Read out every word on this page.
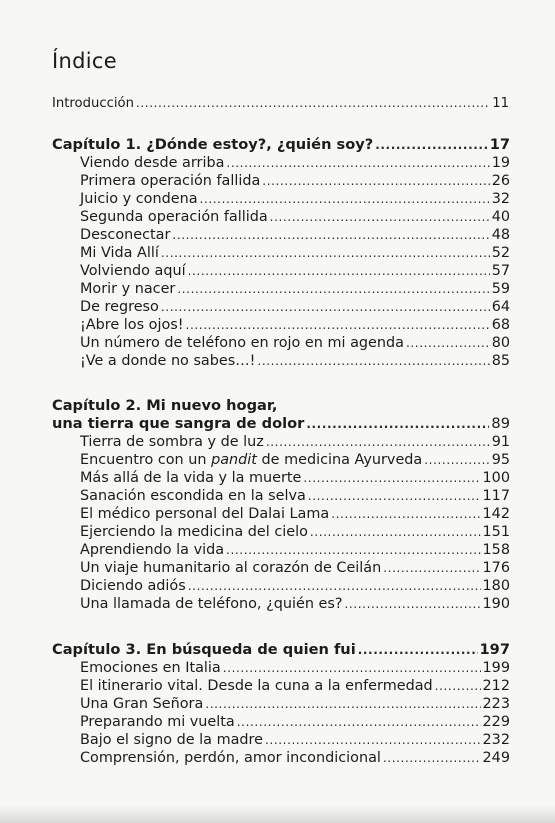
Índice
Introducción .....	11
Capítulo 1. ¿Dónde estoy?, ¿quién soy? .....	17
Viendo desde arriba .....	19
Primera operación fallida .....	26
Juicio y condena .....	32
Segunda operación fallida .....	40
Desconectar .....	48
Mi Vida Allí .....	52
Volviendo aquí .....	57
Morir y nacer .....	59
De regreso .....	64
¡Abre los ojos! .....	68
Un número de teléfono en rojo en mi agenda .....	80
¡Ve a donde no sabes…! .....	85
Capítulo 2. Mi nuevo hogar,
una tierra que sangra de dolor .....	89
Tierra de sombra y de luz .....	91
Encuentro con un pandit de medicina Ayurveda .....	95
Más allá de la vida y la muerte .....	100
Sanación escondida en la selva .....	117
El médico personal del Dalai Lama .....	142
Ejerciendo la medicina del cielo .....	151
Aprendiendo la vida .....	158
Un viaje humanitario al corazón de Ceilán .....	176
Diciendo adiós .....	180
Una llamada de teléfono, ¿quién es? .....	190
Capítulo 3. En búsqueda de quien fui .....	197
Emociones en Italia .....	199
El itinerario vital. Desde la cuna a la enfermedad .....	212
Una Gran Señora .....	223
Preparando mi vuelta .....	229
Bajo el signo de la madre .....	232
Comprensión, perdón, amor incondicional .....	249
